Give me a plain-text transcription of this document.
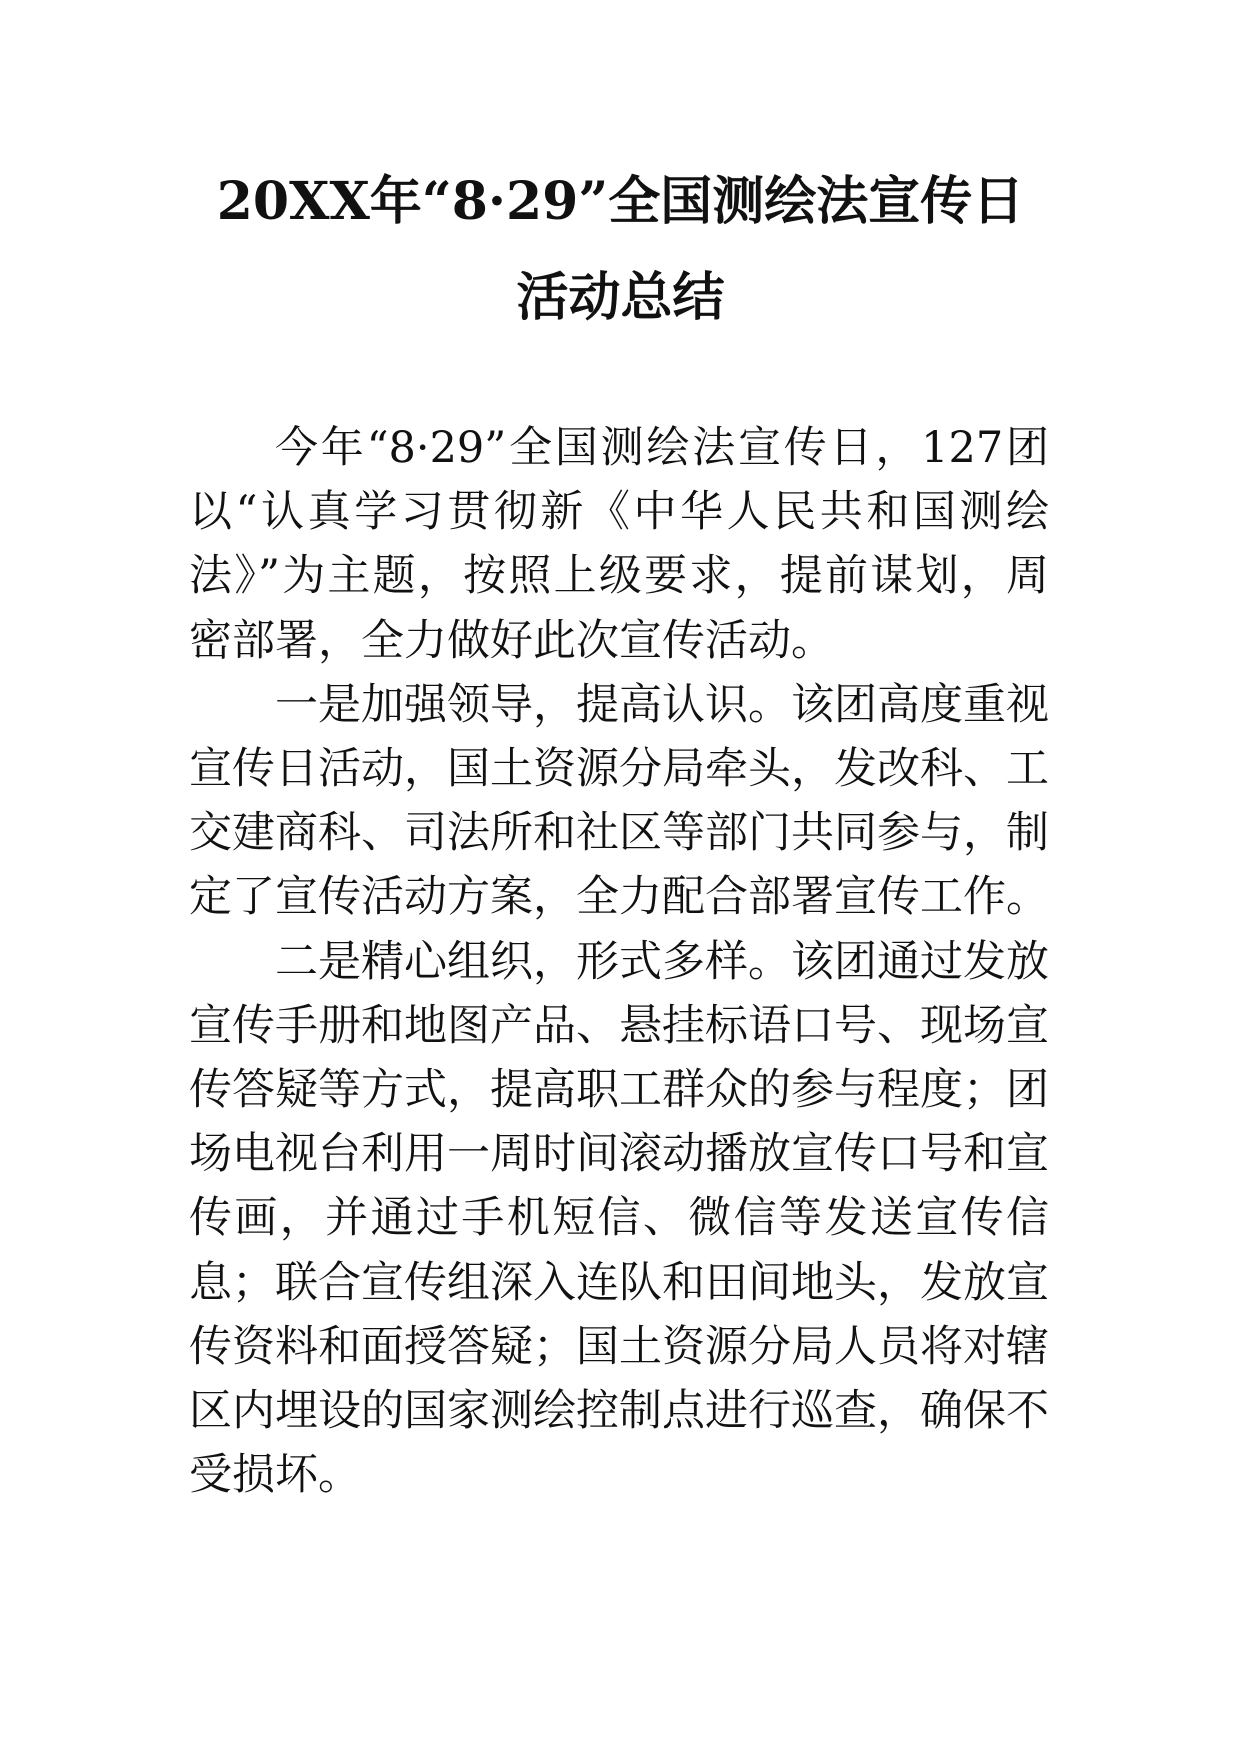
20XX年“8·29”全国测绘法宣传日
活动总结

今年“8·29”全国测绘法宣传日，127团以“认真学习贯彻新《中华人民共和国测绘法》”为主题，按照上级要求，提前谋划，周密部署，全力做好此次宣传活动。

一是加强领导，提高认识。该团高度重视宣传日活动，国土资源分局牵头，发改科、工交建商科、司法所和社区等部门共同参与，制定了宣传活动方案，全力配合部署宣传工作。

二是精心组织，形式多样。该团通过发放宣传手册和地图产品、悬挂标语口号、现场宣传答疑等方式，提高职工群众的参与程度；团场电视台利用一周时间滚动播放宣传口号和宣传画，并通过手机短信、微信等发送宣传信息；联合宣传组深入连队和田间地头，发放宣传资料和面授答疑；国土资源分局人员将对辖区内埋设的国家测绘控制点进行巡查，确保不受损坏。
